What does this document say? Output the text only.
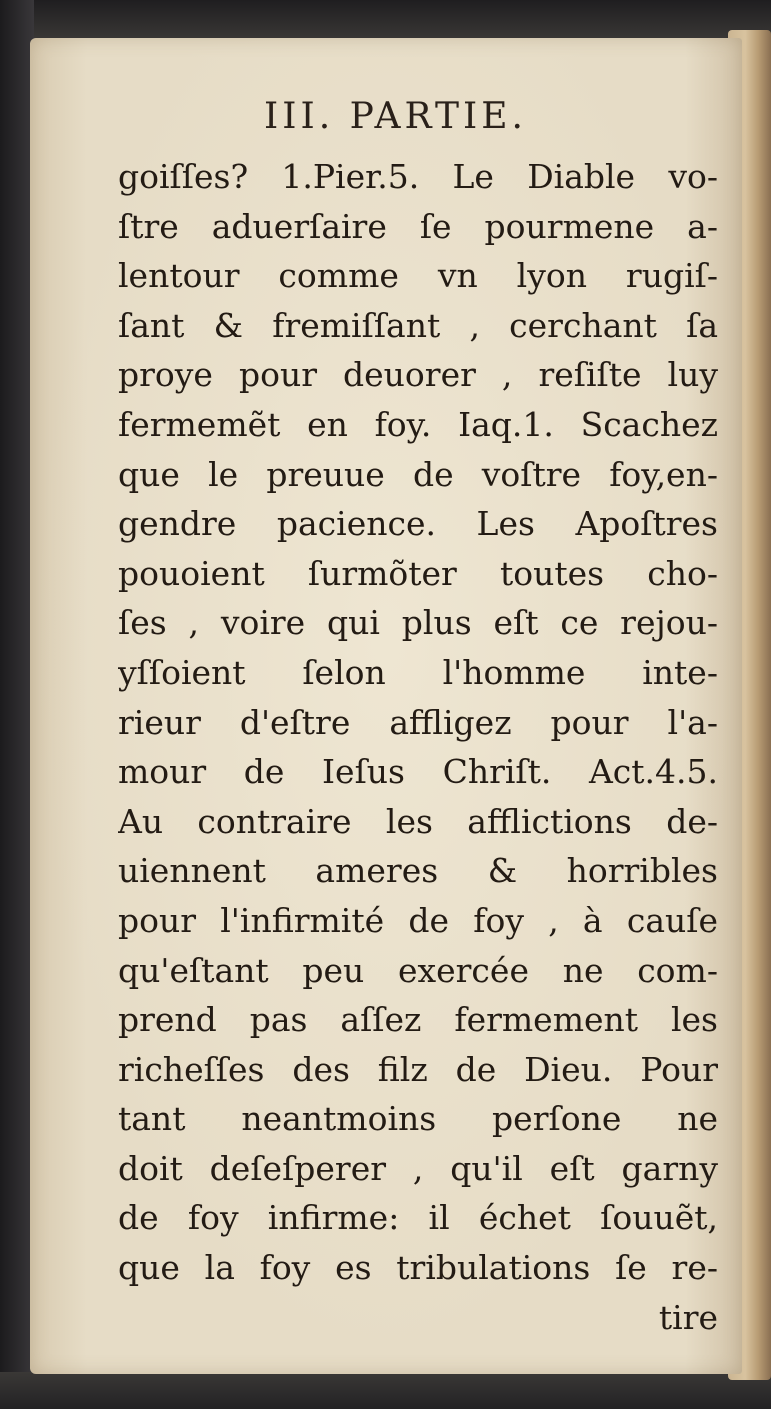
III. PARTIE.
goiſſes? 1.Pier.5. Le Diable vo-
ſtre aduerſaire ſe pourmene a-
lentour comme vn lyon rugiſ-
ſant & fremiſſant , cerchant ſa
proye pour deuorer , reſiſte luy
fermemẽt en foy. Iaq.1. Scachez
que le preuue de voſtre foy,en-
gendre pacience. Les Apoſtres
pouoient ſurmõter toutes cho-
ſes , voire qui plus eſt ce rejou-
yſſoient ſelon l'homme inte-
rieur d'eſtre affligez pour l'a-
mour de Ieſus Chriſt. Act.4.5.
Au contraire les afflictions de-
uiennent ameres & horribles
pour l'infirmité de foy , à cauſe
qu'eſtant peu exercée ne com-
prend pas aſſez fermement les
richeſſes des filz de Dieu. Pour
tant neantmoins perſone ne
doit deſeſperer , qu'il eſt garny
de foy infirme: il échet ſouuẽt,
que la foy es tribulations ſe re-
tire
